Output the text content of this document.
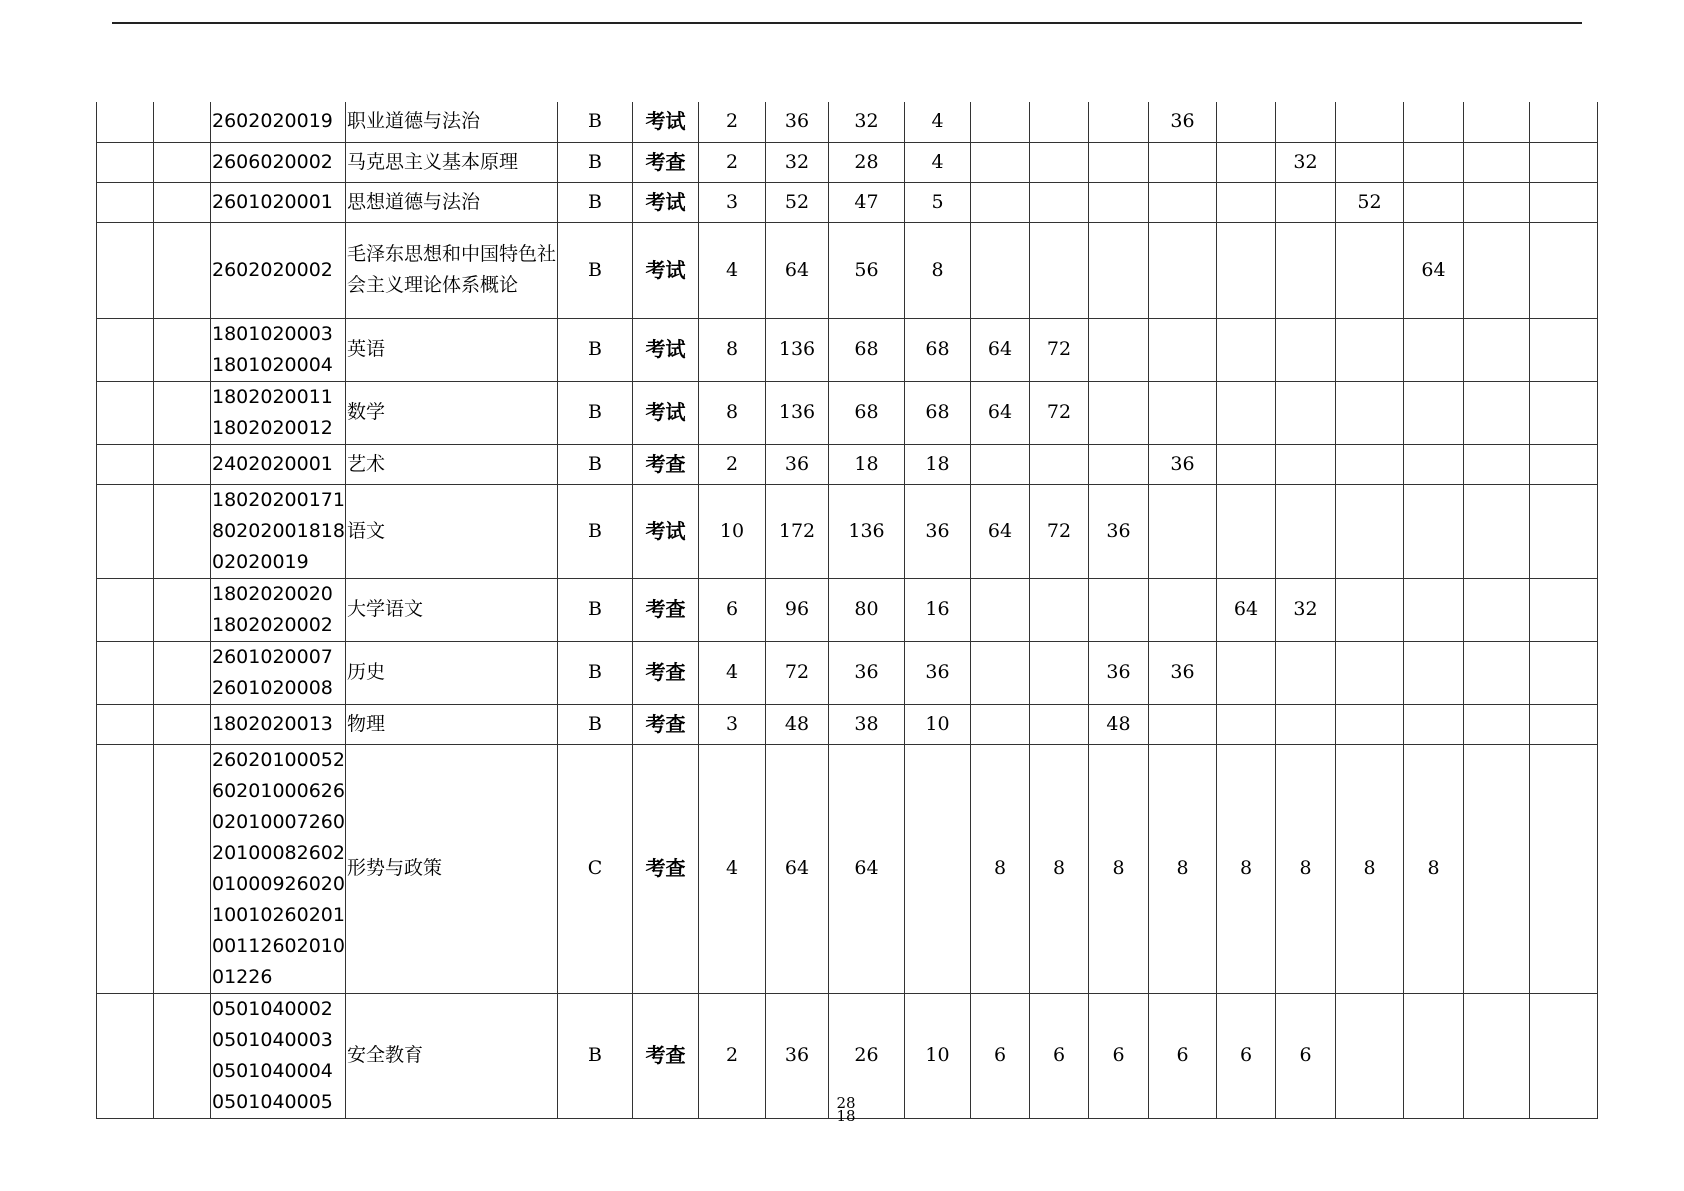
		2602020019	职业道德与法治	B	考试	2	36	32	4				36						
		2606020002	马克思主义基本原理	B	考查	2	32	28	4						32				
		2601020001	思想道德与法治	B	考试	3	52	47	5							52			
		2602020002	毛泽东思想和中国特色社会主义理论体系概论	B	考试	4	64	56	8								64		
		1801020003 1801020004	英语	B	考试	8	136	68	68	64	72								
		1802020011 1802020012	数学	B	考试	8	136	68	68	64	72								
		2402020001	艺术	B	考查	2	36	18	18				36						
		180202001718020200181802020019	语文	B	考试	10	172	136	36	64	72	36							
		1802020020 1802020002	大学语文	B	考查	6	96	80	16					64	32				
		2601020007 2601020008	历史	B	考查	4	72	36	36			36	36						
		1802020013	物理	B	考查	3	48	38	10			48							
		2602010005260201000626020100072602010008260201000926020100102602010011260201001226	形势与政策	C	考查	4	64	64		8	8	8	8	8	8	8	8		
		0501040002 0501040003 0501040004 0501040005	安全教育	B	考查	2	36	26	10	6	6	6	6	6	6				
28
18
